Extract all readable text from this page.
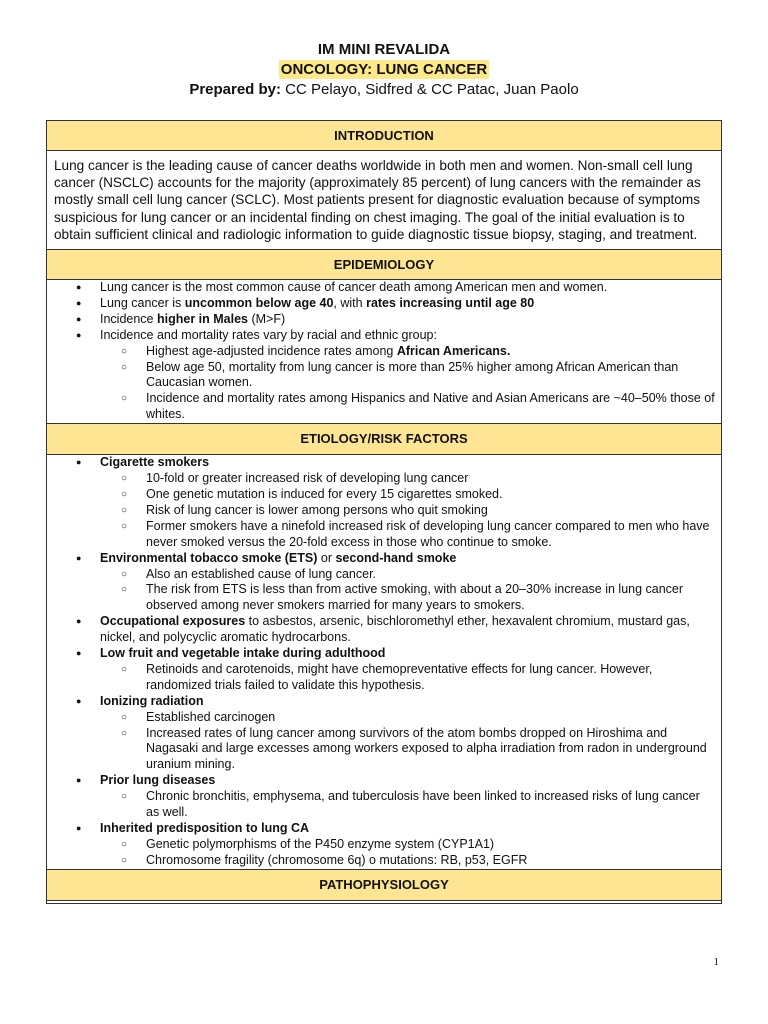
IM MINI REVALIDA
ONCOLOGY: LUNG CANCER
Prepared by: CC Pelayo, Sidfred & CC Patac, Juan Paolo
INTRODUCTION

Lung cancer is the leading cause of cancer deaths worldwide in both men and women. Non-small cell lung cancer (NSCLC) accounts for the majority (approximately 85 percent) of lung cancers with the remainder as mostly small cell lung cancer (SCLC). Most patients present for diagnostic evaluation because of symptoms suspicious for lung cancer or an incidental finding on chest imaging. The goal of the initial evaluation is to obtain sufficient clinical and radiologic information to guide diagnostic tissue biopsy, staging, and treatment.

EPIDEMIOLOGY

● Lung cancer is the most common cause of cancer death among American men and women.
● Lung cancer is uncommon below age 40, with rates increasing until age 80
● Incidence higher in Males (M>F)
● Incidence and mortality rates vary by racial and ethnic group:
○ Highest age-adjusted incidence rates among African Americans.
○ Below age 50, mortality from lung cancer is more than 25% higher among African American than Caucasian women.
○ Incidence and mortality rates among Hispanics and Native and Asian Americans are ~40–50% those of whites.

ETIOLOGY/RISK FACTORS

● Cigarette smokers
○ 10-fold or greater increased risk of developing lung cancer
○ One genetic mutation is induced for every 15 cigarettes smoked.
○ Risk of lung cancer is lower among persons who quit smoking
○ Former smokers have a ninefold increased risk of developing lung cancer compared to men who have never smoked versus the 20-fold excess in those who continue to smoke.
● Environmental tobacco smoke (ETS) or second-hand smoke
○ Also an established cause of lung cancer.
○ The risk from ETS is less than from active smoking, with about a 20–30% increase in lung cancer observed among never smokers married for many years to smokers.
● Occupational exposures to asbestos, arsenic, bischloromethyl ether, hexavalent chromium, mustard gas, nickel, and polycyclic aromatic hydrocarbons.
● Low fruit and vegetable intake during adulthood
○ Retinoids and carotenoids, might have chemopreventative effects for lung cancer. However, randomized trials failed to validate this hypothesis.
● Ionizing radiation
○ Established carcinogen
○ Increased rates of lung cancer among survivors of the atom bombs dropped on Hiroshima and Nagasaki and large excesses among workers exposed to alpha irradiation from radon in underground uranium mining.
● Prior lung diseases
○ Chronic bronchitis, emphysema, and tuberculosis have been linked to increased risks of lung cancer as well.
● Inherited predisposition to lung CA
○ Genetic polymorphisms of the P450 enzyme system (CYP1A1)
○ Chromosome fragility (chromosome 6q) o mutations: RB, p53, EGFR

PATHOPHYSIOLOGY

1
